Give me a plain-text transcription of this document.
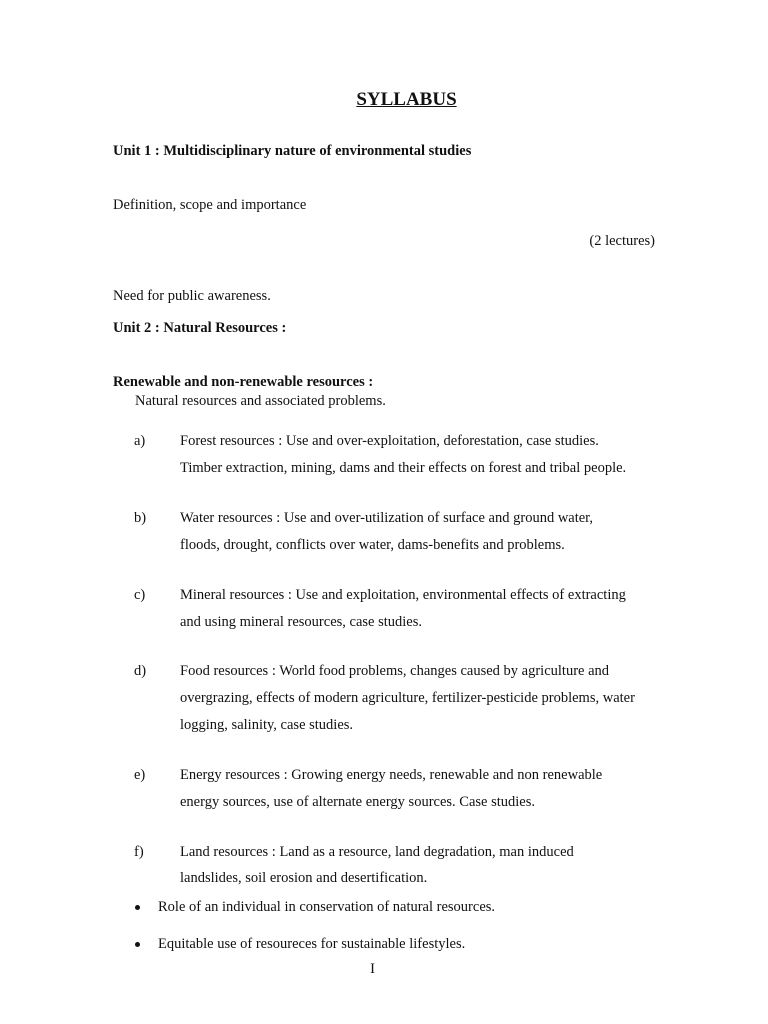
SYLLABUS
Unit 1 : Multidisciplinary nature of environmental studies
Definition, scope and importance
(2 lectures)
Need for public awareness.
Unit 2 : Natural Resources :
Renewable and non-renewable resources :
Natural resources and associated problems.
a) Forest resources : Use and over-exploitation, deforestation, case studies.
Timber extraction, mining, dams and their effects on forest and tribal people.
b) Water resources : Use and over-utilization of surface and ground water,
floods, drought, conflicts over water, dams-benefits and problems.
c) Mineral resources : Use and exploitation, environmental effects of extracting
and using mineral resources, case studies.
d) Food resources : World food problems, changes caused by agriculture and
overgrazing, effects of modern agriculture, fertilizer-pesticide problems, water
logging, salinity, case studies.
e) Energy resources : Growing energy needs, renewable and non renewable
energy sources, use of alternate energy sources. Case studies.
f)	Land resources : Land as a resource, land degradation, man induced
landslides, soil erosion and desertification.
Role of an individual in conservation of natural resources.
Equitable use of resoureces for sustainable lifestyles.
I
